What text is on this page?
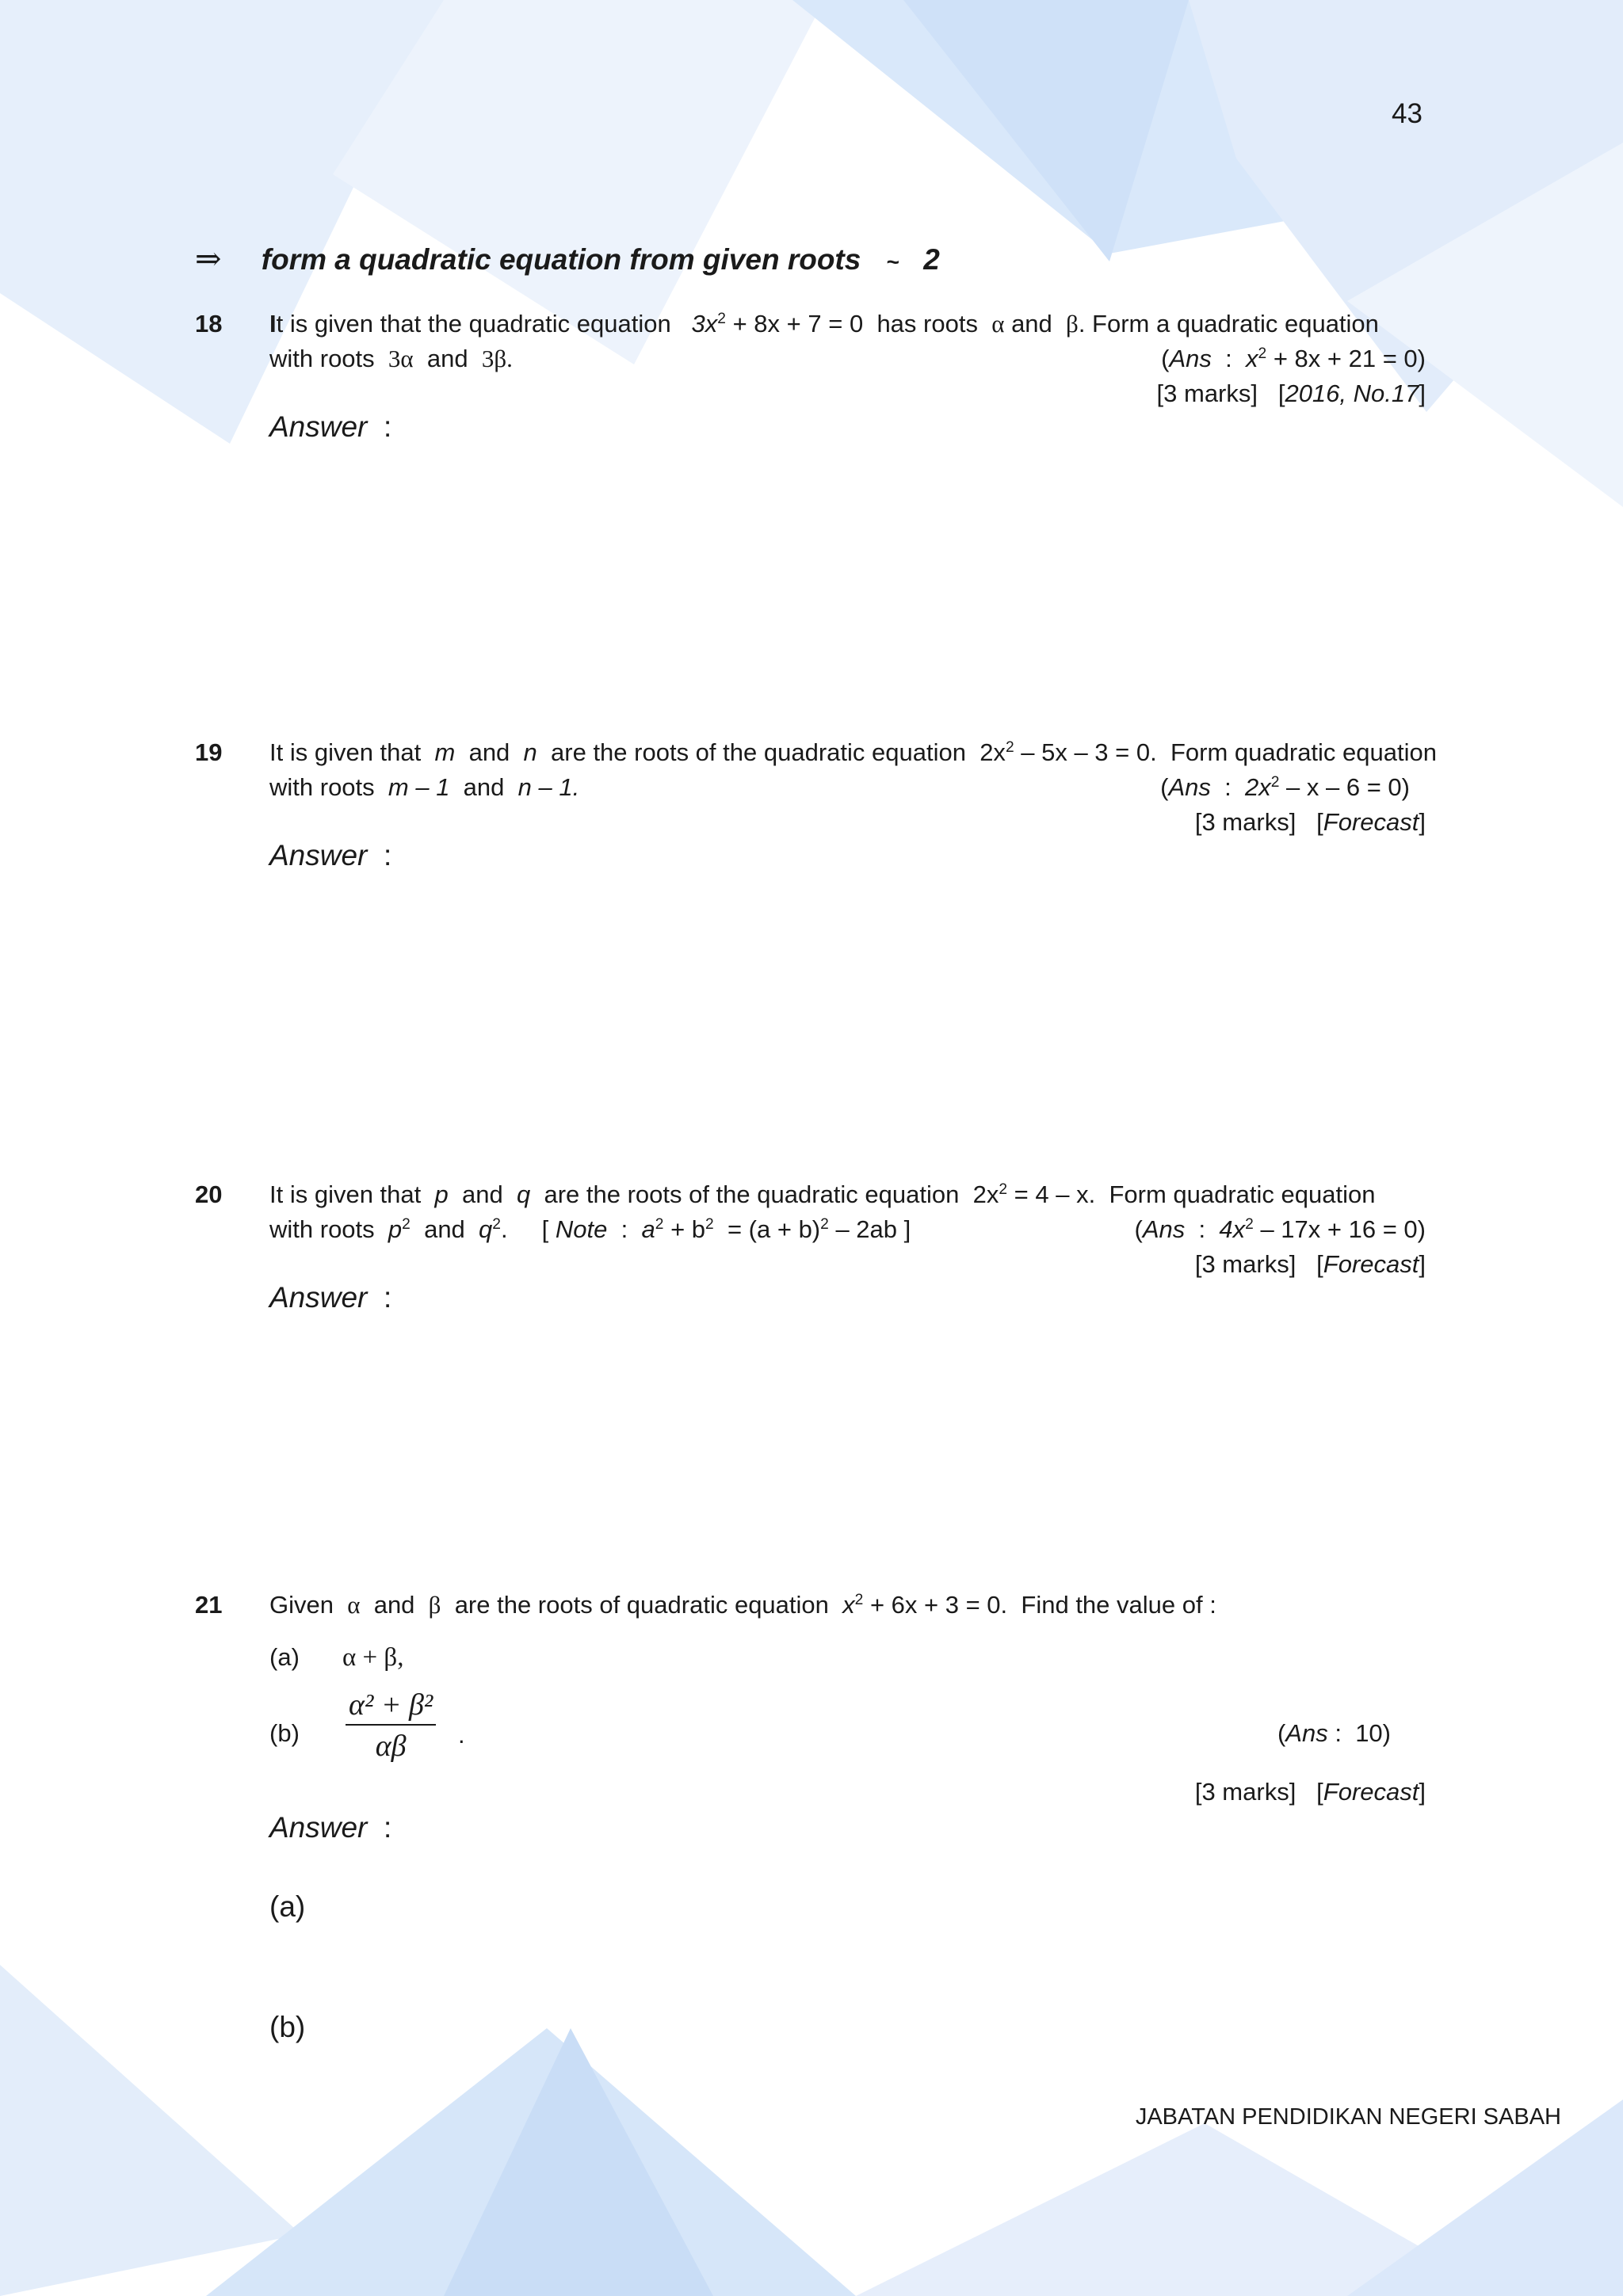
43
⇒ form a quadratic equation from given roots ~ 2
18 It is given that the quadratic equation $3x^2 + 8x + 7 = 0$ has roots α and β. Form a quadratic equation
with roots 3α and 3β.	(Ans : $x^2 + 8x + 21 = 0$)
[3 marks]   [2016, No.17]
Answer :
19 It is given that m and n are the roots of the quadratic equation $2x^2 - 5x - 3 = 0$. Form quadratic equation
with roots m – 1 and n – 1.	(Ans : $2x^2 - x - 6 = 0$)
[3 marks]   [Forecast]
Answer :
20 It is given that p and q are the roots of the quadratic equation $2x^2 = 4 - x$. Form quadratic equation
with roots $p^2$ and $q^2$.     [ Note : $a^2 + b^2 = (a + b)^2 - 2ab$ ]	(Ans : $4x^2 - 17x + 16 = 0$)
[3 marks]   [Forecast]
Answer :
21 Given α and β are the roots of quadratic equation $x^2 + 6x + 3 = 0$. Find the value of :
(a) α + β,
$(b) \frac{\text{α² + β²}}{\alpha\beta}$ .	(Ans : 10)
[3 marks]   [Forecast]
Answer :
(a)
(b)
JABATAN PENDIDIKAN NEGERI SABAH
